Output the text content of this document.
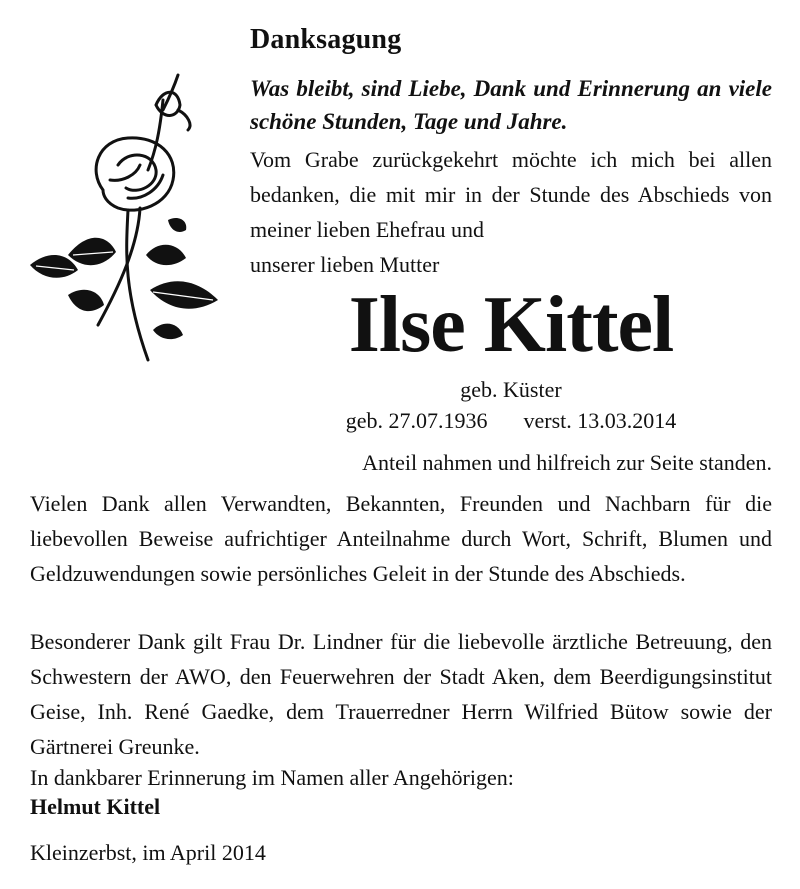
Danksagung
Was bleibt, sind Liebe, Dank und Erinnerung an viele schöne Stunden, Tage und Jahre.
Vom Grabe zurückgekehrt möchte ich mich bei allen bedanken, die mit mir in der Stunde des Abschieds von meiner lieben Ehefrau und
unserer lieben Mutter
Ilse Kittel
geb. Küster
geb. 27.07.1936 verst. 13.03.2014
Anteil nahmen und hilfreich zur Seite standen.
Vielen Dank allen Verwandten, Bekannten, Freunden und Nachbarn für die liebevollen Beweise aufrichtiger Anteilnahme durch Wort, Schrift, Blumen und Geldzuwendungen sowie persönliches Geleit in der Stunde des Abschieds.
Besonderer Dank gilt Frau Dr. Lindner für die liebevolle ärztliche Betreuung, den Schwestern der AWO, den Feuerwehren der Stadt Aken, dem Beerdigungsinstitut Geise, Inh. René Gaedke, dem Trauerredner Herrn Wilfried Bütow sowie der Gärtnerei Greunke.
In dankbarer Erinnerung im Namen aller Angehörigen:
Helmut Kittel
Kleinzerbst, im April 2014
